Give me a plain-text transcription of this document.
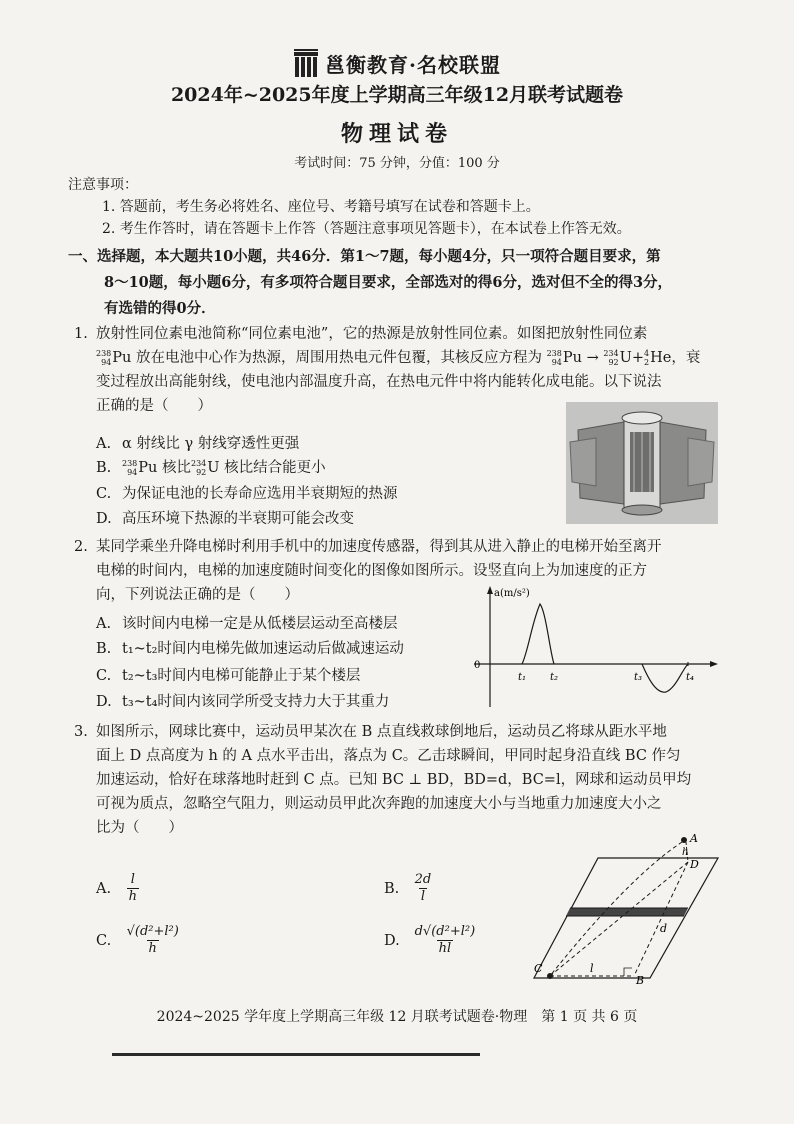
邕衡教育·名校联盟
2024年~2025年度上学期高三年级12月联考试题卷
物理试卷
考试时间：75 分钟，分值：100 分
注意事项：
1. 答题前，考生务必将姓名、座位号、考籍号填写在试卷和答题卡上。
2. 考生作答时，请在答题卡上作答（答题注意事项见答题卡），在本试卷上作答无效。
一、选择题，本大题共10小题，共46分．第1～7题，每小题4分，只一项符合题目要求，第
8～10题，每小题6分，有多项符合题目要求，全部选对的得6分，选对但不全的得3分，
有选错的得0分．
1. 放射性同位素电池简称“同位素电池”，它的热源是放射性同位素。如图把放射性同位素
238
94 Pu 放在电池中心作为热源，周围用热电元件包覆，其核反应方程为 238
94 Pu → 234
92 U+ 4
2 He，衰
变过程放出高能射线，使电池内部温度升高，在热电元件中将内能转化成电能。以下说法
正确的是（　　）
A. α 射线比 γ 射线穿透性更强
B. 238
94 Pu 核比 234
92 U 核比结合能更小
C. 为保证电池的长寿命应选用半衰期短的热源
D. 高压环境下热源的半衰期可能会改变
2. 某同学乘坐升降电梯时利用手机中的加速度传感器，得到其从进入静止的电梯开始至离开
电梯的时间内，电梯的加速度随时间变化的图像如图所示。设竖直向上为加速度的正方
向，下列说法正确的是（　　）
A. 该时间内电梯一定是从低楼层运动至高楼层
B. t₁~t₂时间内电梯先做加速运动后做减速运动
C. t₂~t₃时间内电梯可能静止于某个楼层
D. t₃~t₄时间内该同学所受支持力大于其重力
a(m/s²)
0
t₁ t₂	t₃	t₄
3. 如图所示，网球比赛中，运动员甲某次在 B 点直线救球倒地后，运动员乙将球从距水平地
面上 D 点高度为 h 的 A 点水平击出，落点为 C。乙击球瞬间，甲同时起身沿直线 BC 作匀
加速运动，恰好在球落地时赶到 C 点。已知 BC ⊥ BD，BD=d，BC=l，网球和运动员甲均
可视为质点，忽略空气阻力，则运动员甲此次奔跑的加速度大小与当地重力加速度大小之
比为（　　）
A. $\frac{l}{h}$	B. $\frac{2d}{l}$
C. $\frac{\text{√(d²+l²)}}{h}$	D. $\frac{\text{d√(d²+l²)}}{hl}$
A
h
D
d
C	l
B
2024~2025 学年度上学期高三年级 12 月联考试题卷·物理　第 1 页 共 6 页
